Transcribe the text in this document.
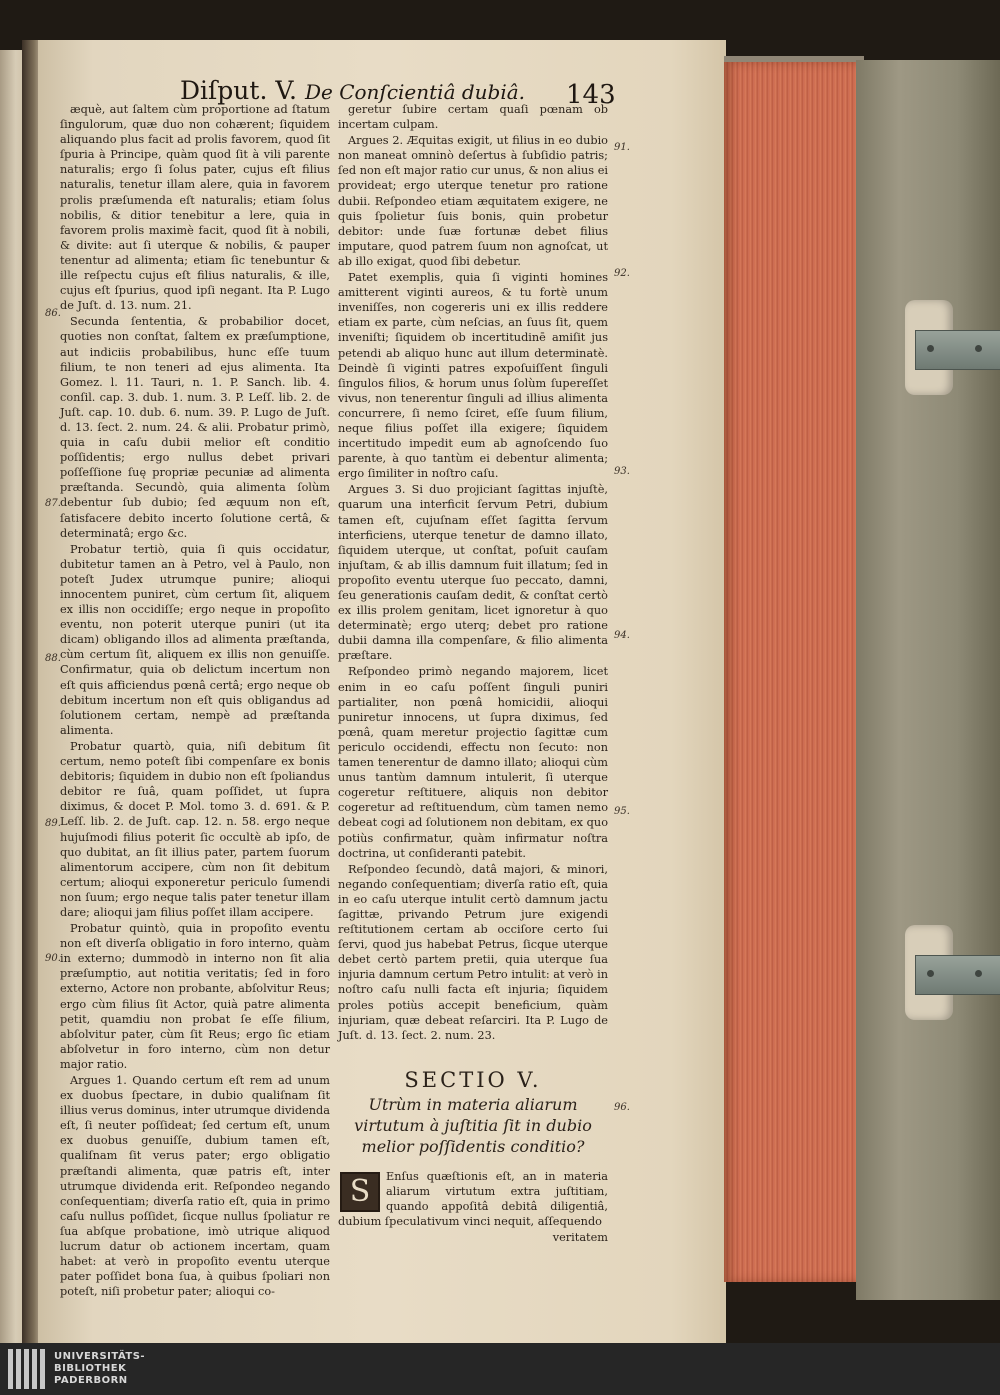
Diſput. V. De Conſcientiâ dubiâ. 143

æquè, aut ſaltem cùm proportione ad ſtatum ſingulorum, quæ duo non cohærent; ſiquidem aliquando plus facit ad prolis favorem, quod ſit ſpuria à Principe, quàm quod ſit à vili parente naturalis; ergo ſi ſolus pater, cujus eſt filius naturalis, tenetur illam alere, quia in favorem prolis præſumenda eſt naturalis; etiam ſolus nobilis, & ditior tenebitur a lere, quia in favorem prolis maximè facit, quod ſit à nobili, & divite: aut ſi uterque & nobilis, & pauper tenentur ad alimenta; etiam ſic tenebuntur & ille reſpectu cujus eſt filius naturalis, & ille, cujus eſt ſpurius, quod ipſi negant. Ita P. Lugo de Juſt. d. 13. num. 21.

Secunda ſententia, & probabilior docet, quoties non conſtat, ſaltem ex præſumptione, aut indiciis probabilibus, hunc eſſe tuum filium, te non teneri ad ejus alimenta. Ita Gomez. l. 11. Tauri, n. 1. P. Sanch. lib. 4. conſil. cap. 3. dub. 1. num. 3. P. Leſſ. lib. 2. de Juſt. cap. 10. dub. 6. num. 39. P. Lugo de Juſt. d. 13. ſect. 2. num. 24. & alii. Probatur primò, quia in caſu dubii melior eſt conditio poſſidentis; ergo nullus debet privari poſſeſſione ſuę propriæ pecuniæ ad alimenta præſtanda. Secundò, quia alimenta ſolùm debentur ſub dubio; ſed æquum non eſt, ſatisfacere debito incerto ſolutione certâ, & determinatâ; ergo &c.

Probatur tertiò, quia ſi quis occidatur, dubitetur tamen an à Petro, vel à Paulo, non poteſt Judex utrumque punire; alioqui innocentem puniret, cùm certum ſit, aliquem ex illis non occidiſſe; ergo neque in propoſito eventu, non poterit uterque puniri (ut ita dicam) obligando illos ad alimenta præſtanda, cùm certum ſit, aliquem ex illis non genuiſſe. Confirmatur, quia ob delictum incertum non eſt quis afficiendus pœnâ certâ; ergo neque ob debitum incertum non eſt quis obligandus ad ſolutionem certam, nempè ad præſtanda alimenta.

Probatur quartò, quia, niſi debitum ſit certum, nemo poteſt ſibi compenſare ex bonis debitoris; ſiquidem in dubio non eſt ſpoliandus debitor re ſuâ, quam poſſidet, ut ſupra diximus, & docet P. Mol. tomo 3. d. 691. & P. Leſſ. lib. 2. de Juſt. cap. 12. n. 58. ergo neque hujuſmodi filius poterit ſic occultè ab ipſo, de quo dubitat, an ſit illius pater, partem ſuorum alimentorum accipere, cùm non ſit debitum certum; alioqui exponeretur periculo ſumendi non ſuum; ergo neque talis pater tenetur illam dare; alioqui jam filius poſſet illam accipere.

Probatur quintò, quia in propoſito eventu non eſt diverſa obligatio in foro interno, quàm in externo; dummodò in interno non ſit alia præſumptio, aut notitia veritatis; ſed in foro externo, Actore non probante, abſolvitur Reus; ergo cùm filius ſit Actor, quià patre alimenta petit, quamdiu non probat ſe eſſe filium, abſolvitur pater, cùm ſit Reus; ergo ſic etiam abſolvetur in foro interno, cùm non detur major ratio.

Argues 1. Quando certum eſt rem ad unum ex duobus ſpectare, in dubio qualiſnam ſit illius verus dominus, inter utrumque dividenda eſt, ſi neuter poſſideat; ſed certum eſt, unum ex duobus genuiſſe, dubium tamen eſt, qualiſnam ſit verus pater; ergo obligatio præſtandi alimenta, quæ patris eſt, inter utrumque dividenda erit. Reſpondeo negando conſequentiam; diverſa ratio eſt, quia in primo caſu nullus poſſidet, ſicque nullus ſpoliatur re ſua abſque probatione, imò utrique aliquod lucrum datur ob actionem incertam, quam habet: at verò in propoſito eventu uterque pater poſſidet bona ſua, à quibus ſpoliari non poteſt, niſi probetur pater; alioqui co-

geretur ſubire certam quaſi pœnam ob incertam culpam.

Argues 2. Æquitas exigit, ut filius in eo dubio non maneat omninò deſertus à ſubſidio patris; ſed non eſt major ratio cur unus, & non alius ei provideat; ergo uterque tenetur pro ratione dubii. Reſpondeo etiam æquitatem exigere, ne quis ſpolietur ſuis bonis, quin probetur debitor: unde ſuæ fortunæ debet filius imputare, quod patrem ſuum non agnoſcat, ut ab illo exigat, quod ſibi debetur.

Patet exemplis, quia ſi viginti homines amitterent viginti aureos, & tu fortè unum inveniſſes, non cogereris uni ex illis reddere etiam ex parte, cùm neſcias, an ſuus ſit, quem inveniſti; ſiquidem ob incertitudinē amiſit jus petendi ab aliquo hunc aut illum determinatè. Deindè ſi viginti patres expoſuiſſent ſinguli ſingulos filios, & horum unus ſolùm ſupereſſet vivus, non tenerentur ſinguli ad illius alimenta concurrere, ſi nemo ſciret, eſſe ſuum filium, neque filius poſſet illa exigere; ſiquidem incertitudo impedit eum ab agnoſcendo ſuo parente, à quo tantùm ei debentur alimenta; ergo ſimiliter in noſtro caſu.

Argues 3. Si duo projiciant ſagittas injuſtè, quarum una interficit ſervum Petri, dubium tamen eſt, cujuſnam eſſet ſagitta ſervum interficiens, uterque tenetur de damno illato, ſiquidem uterque, ut conſtat, poſuit cauſam injuſtam, & ab illis damnum fuit illatum; ſed in propoſito eventu uterque ſuo peccato, damni, ſeu generationis cauſam dedit, & conſtat certò ex illis prolem genitam, licet ignoretur à quo determinatè; ergo uterq; debet pro ratione dubii damna illa compenſare, & filio alimenta præſtare.

Reſpondeo primò negando majorem, licet enim in eo caſu poſſent ſinguli puniri partialiter, non pœnâ homicidii, alioqui puniretur innocens, ut ſupra diximus, ſed pœnâ, quam meretur projectio ſagittæ cum periculo occidendi, effectu non ſecuto: non tamen tenerentur de damno illato; alioqui cùm unus tantùm damnum intulerit, ſi uterque cogeretur reſtituere, aliquis non debitor cogeretur ad reſtituendum, cùm tamen nemo debeat cogi ad ſolutionem non debitam, ex quo potiùs confirmatur, quàm infirmatur noſtra doctrina, ut conſideranti patebit.

Reſpondeo ſecundò, datâ majori, & minori, negando conſequentiam; diverſa ratio eſt, quia in eo caſu uterque intulit certò damnum jactu ſagittæ, privando Petrum jure exigendi reſtitutionem certam ab occiſore certo ſui ſervi, quod jus habebat Petrus, ſicque uterque debet certò partem pretii, quia uterque ſua injuria damnum certum Petro intulit: at verò in noſtro caſu nulli facta eſt injuria; ſiquidem proles potiùs accepit beneficium, quàm injuriam, quæ debeat reſarciri. Ita P. Lugo de Juſt. d. 13. ſect. 2. num. 23.

SECTIO V.
Utrùm in materia aliarum virtutum à juſtitia ſit in dubio melior poſſidentis conditio?

S	Enſus quæſtionis eſt, an in materia aliarum virtutum extra juſtitiam, quando appoſitâ debitâ diligentiâ, dubium ſpeculativum vinci nequit, aſſequendo

veritatem
86.
87.
88.
89.
90.
91.
92.
93.
94.
95.
96.
UNIVERSITÄTS-
BIBLIOTHEK
PADERBORN
